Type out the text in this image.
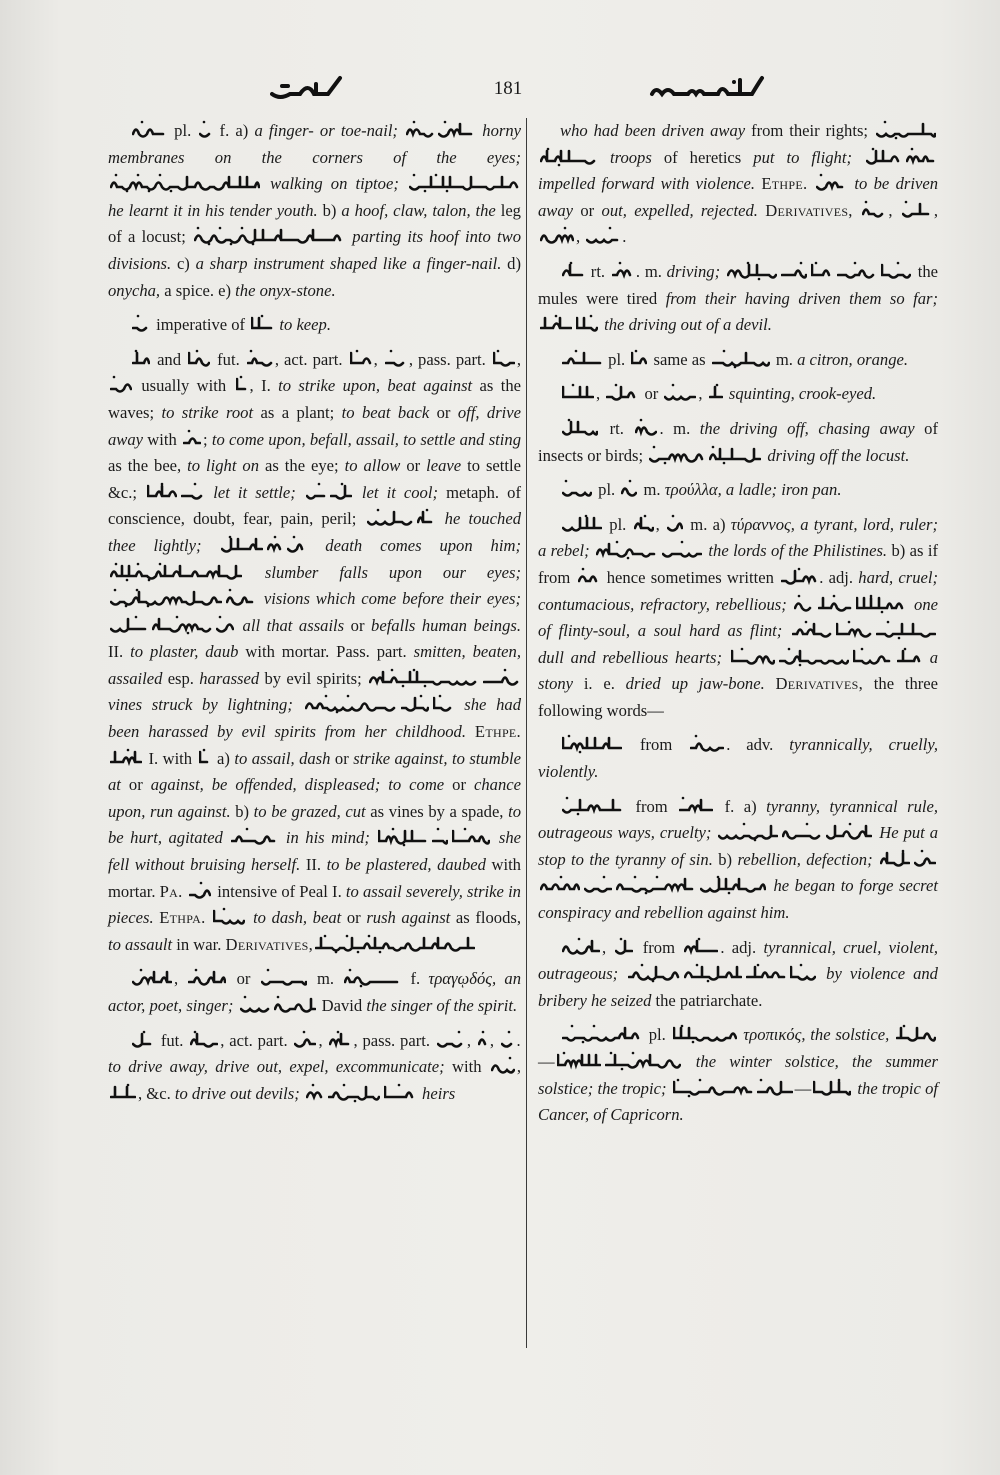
181

pl.
f. a) a finger- or toe-nail;	horny membranes on the corners of the eyes;
walking on tiptoe;
he learnt it in his tender youth. b) a hoof, claw, talon, the leg of a locust;	parting its hoof into two divisions. c) a sharp instrument shaped like a finger-nail. d) onycha, a spice. e) the onyx-stone.

imperative of
to keep.

and
fut.
, act. part.
,
, pass. part.
,
usually with
, I. to strike upon, beat against as the waves; to strike root as a plant; to beat back or off, drive away with
; to come upon, befall, assail, to settle and sting as the bee, to light on as the eye; to allow or leave to settle &c.;	let it settle;	let it cool; metaph. of conscience, doubt, fear, pain, peril;	he touched thee lightly;	death comes upon him;
slumber falls upon our eyes;
visions which come before their eyes;
all that assails or befalls human beings. II. to plaster, daub with mortar. Pass. part. smitten, beaten, assailed esp. harassed by evil spirits;
vines struck by lightning;	she had been harassed by evil spirits from her childhood. Ethpe.
I. with
a) to assail, dash or strike against, to stumble at or against, be offended, displeased; to come or chance upon, run against. b) to be grazed, cut as vines by a spade, to be hurt, agitated	in his mind;	she fell without bruising herself. II. to be plastered, daubed with mortar. Pa.
intensive of Peal I. to assail severely, strike in pieces. Ethpa.
to dash, beat or rush against as floods, to assault in war. Derivatives,

,	or	m.	f. τραγῳδός, an actor, poet, singer;	David the singer of the spirit.

fut.
, act. part.
,
, pass. part.
,
,
. to drive away, drive out, expel, excommunicate; with
,
, &c. to drive out devils;	heirs

who had been driven away from their rights;
troops of heretics put to flight;
impelled forward with violence. Ethpe.
to be driven away or out, expelled, rejected. Derivatives,
,
,
,
.

rt.
. m. driving;	the mules were tired from their having driven them so far;
the driving out of a devil.

pl.
same as	m. a citron, orange.

,
or
,
squinting, crook-eyed.

rt.
. m. the driving off, chasing away of insects or birds;	driving off the locust.

pl.
m. τρούλλα, a ladle; iron pan.

pl.
,
m. a) τύραννος, a tyrant, lord, ruler; a rebel;	the lords of the Philistines. b) as if from
hence sometimes written
. adj. hard, cruel; contumacious, refractory, rebellious;	one of flinty-soul, a soul hard as flint;
dull and rebellious hearts;	a stony i. e. dried up jaw-bone. Derivatives, the three following words—

from
. adv. tyrannically, cruelly, violently.

from
f. a) tyranny, tyrannical rule, outrageous ways, cruelty;	He put a stop to the tyranny of sin. b) rebellion, defection;
he began to forge secret conspiracy and rebellion against him.

,
from
. adj. tyrannical, cruel, violent, outrageous;	by violence and bribery he seized the patriarchate.

pl.	τροπικός, the solstice,
—	the winter solstice, the summer solstice; the tropic;	—	the tropic of Cancer, of Capricorn.
